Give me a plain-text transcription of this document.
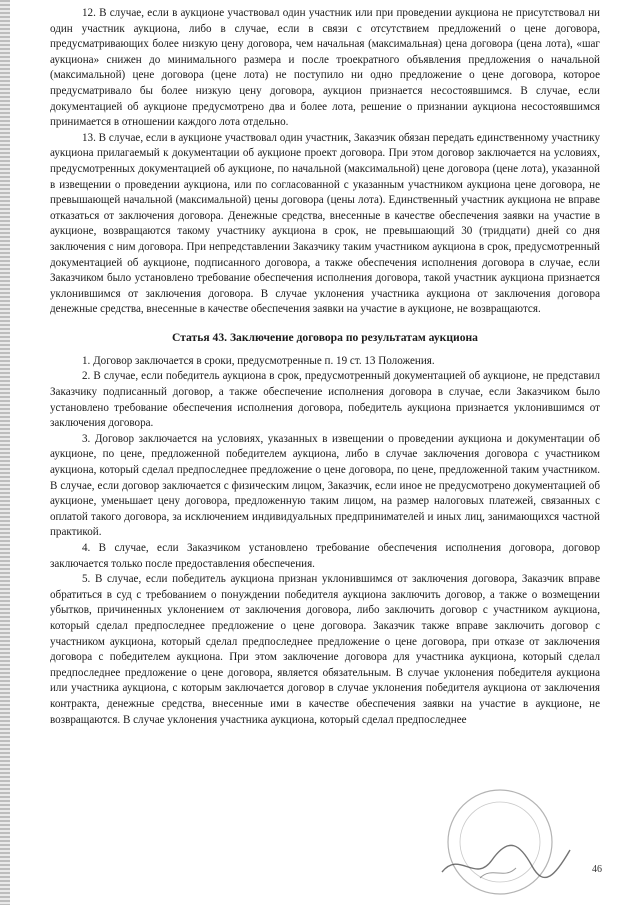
12. В случае, если в аукционе участвовал один участник или при проведении аукциона не присутствовал ни один участник аукциона, либо в случае, если в связи с отсутствием предложений о цене договора, предусматривающих более низкую цену договора, чем начальная (максимальная) цена договора (цена лота), «шаг аукциона» снижен до минимального размера и после троекратного объявления предложения о начальной (максимальной) цене договора (цене лота) не поступило ни одно предложение о цене договора, которое предусматривало бы более низкую цену договора, аукцион признается несостоявшимся. В случае, если документацией об аукционе предусмотрено два и более лота, решение о признании аукциона несостоявшимся принимается в отношении каждого лота отдельно.

13. В случае, если в аукционе участвовал один участник, Заказчик обязан передать единственному участнику аукциона прилагаемый к документации об аукционе проект договора. При этом договор заключается на условиях, предусмотренных документацией об аукционе, по начальной (максимальной) цене договора (цене лота), указанной в извещении о проведении аукциона, или по согласованной с указанным участником аукциона цене договора, не превышающей начальной (максимальной) цены договора (цены лота). Единственный участник аукциона не вправе отказаться от заключения договора. Денежные средства, внесенные в качестве обеспечения заявки на участие в аукционе, возвращаются такому участнику аукциона в срок, не превышающий 30 (тридцати) дней со дня заключения с ним договора. При непредставлении Заказчику таким участником аукциона в срок, предусмотренный документацией об аукционе, подписанного договора, а также обеспечения исполнения договора в случае, если Заказчиком было установлено требование обеспечения исполнения договора, такой участник аукциона признается уклонившимся от заключения договора. В случае уклонения участника аукциона от заключения договора денежные средства, внесенные в качестве обеспечения заявки на участие в аукционе, не возвращаются.

Статья 43. Заключение договора по результатам аукциона

1. Договор заключается в сроки, предусмотренные п. 19 ст. 13 Положения.

2. В случае, если победитель аукциона в срок, предусмотренный документацией об аукционе, не представил Заказчику подписанный договор, а также обеспечение исполнения договора в случае, если Заказчиком было установлено требование обеспечения исполнения договора, победитель аукциона признается уклонившимся от заключения договора.

3. Договор заключается на условиях, указанных в извещении о проведении аукциона и документации об аукционе, по цене, предложенной победителем аукциона, либо в случае заключения договора с участником аукциона, который сделал предпоследнее предложение о цене договора, по цене, предложенной таким участником. В случае, если договор заключается с физическим лицом, Заказчик, если иное не предусмотрено документацией об аукционе, уменьшает цену договора, предложенную таким лицом, на размер налоговых платежей, связанных с оплатой такого договора, за исключением индивидуальных предпринимателей и иных лиц, занимающихся частной практикой.

4. В случае, если Заказчиком установлено требование обеспечения исполнения договора, договор заключается только после предоставления обеспечения.

5. В случае, если победитель аукциона признан уклонившимся от заключения договора, Заказчик вправе обратиться в суд с требованием о понуждении победителя аукциона заключить договор, а также о возмещении убытков, причиненных уклонением от заключения договора, либо заключить договор с участником аукциона, который сделал предпоследнее предложение о цене договора. Заказчик также вправе заключить договор с участником аукциона, который сделал предпоследнее предложение о цене договора, при отказе от заключения договора с победителем аукциона. При этом заключение договора для участника аукциона, который сделал предпоследнее предложение о цене договора, является обязательным. В случае уклонения победителя аукциона или участника аукциона, с которым заключается договор в случае уклонения победителя аукциона от заключения контракта, денежные средства, внесенные ими в качестве обеспечения заявки на участие в аукционе, не возвращаются. В случае уклонения участника аукциона, который сделал предпоследнее

46
